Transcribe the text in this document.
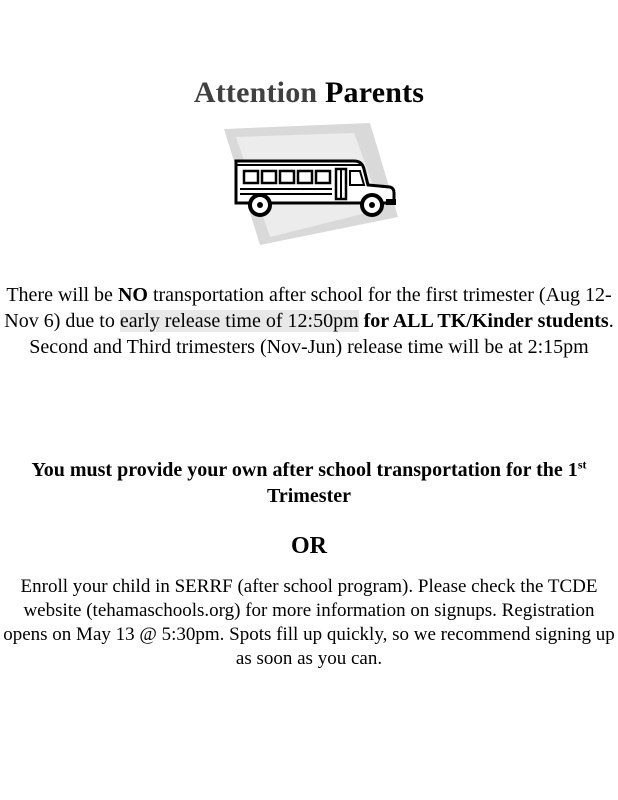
Attention Parents
There will be NO transportation after school for the first trimester (Aug 12-Nov 6) due to early release time of 12:50pm for ALL TK/Kinder students.
Second and Third trimesters (Nov-Jun) release time will be at 2:15pm
You must provide your own after school transportation for the 1st Trimester
OR
Enroll your child in SERRF (after school program). Please check the TCDE website (tehamaschools.org) for more information on signups. Registration opens on May 13 @ 5:30pm. Spots fill up quickly, so we recommend signing up as soon as you can.
